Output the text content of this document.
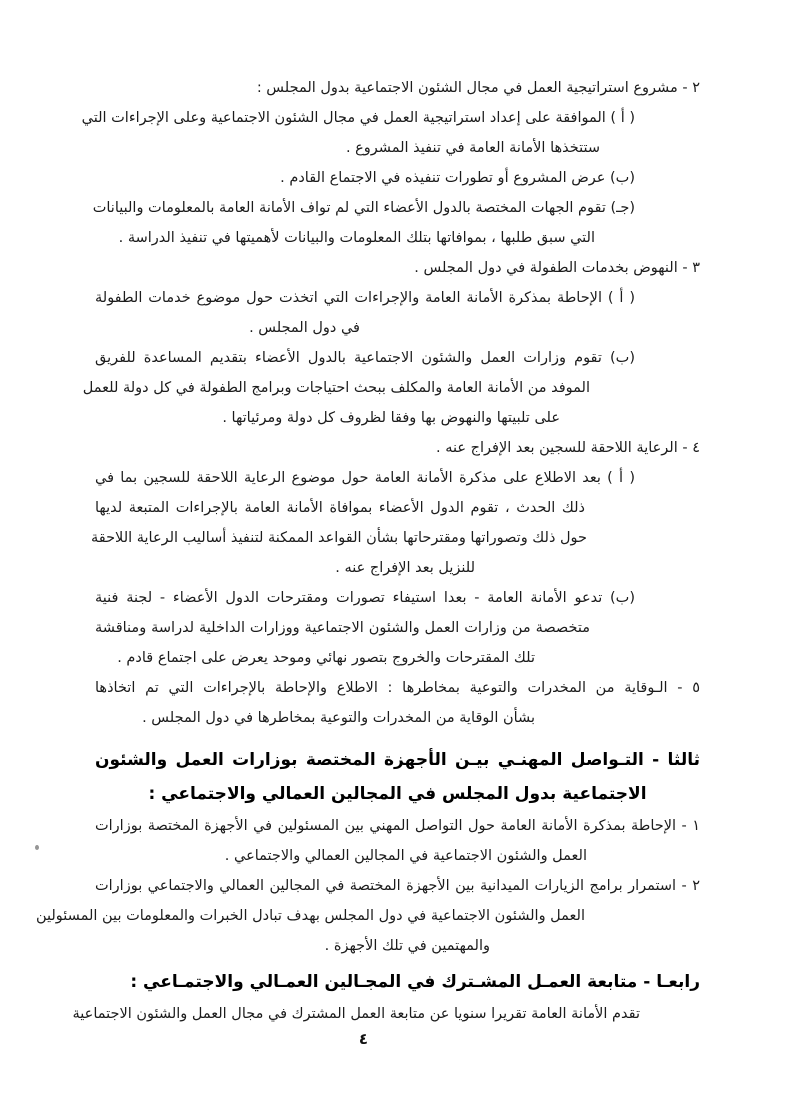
٢ - مشروع استراتيجية العمل في مجال الشئون الاجتماعية بدول المجلس :
( أ ) الموافقة على إعداد استراتيجية العمل في مجال الشئون الاجتماعية وعلى الإجراءات التي
ستتخذها الأمانة العامة في تنفيذ المشروع .
(ب) عرض المشروع أو تطورات تنفيذه في الاجتماع القادم .
(جـ) تقوم الجهات المختصة بالدول الأعضاء التي لم تواف الأمانة العامة بالمعلومات والبيانات
التي سبق طلبها ، بموافاتها بتلك المعلومات والبيانات لأهميتها في تنفيذ الدراسة .
٣ - النهوض بخدمات الطفولة في دول المجلس .
( أ ) الإحاطة بمذكرة الأمانة العامة والإجراءات التي اتخذت حول موضوع خدمات الطفولة
في دول المجلس .
(ب) تقوم وزارات العمل والشئون الاجتماعية بالدول الأعضاء بتقديم المساعدة للفريق
الموفد من الأمانة العامة والمكلف ببحث احتياجات وبرامج الطفولة في كل دولة للعمل
على تلبيتها والنهوض بها وفقا لظروف كل دولة ومرئياتها .
٤ - الرعاية اللاحقة للسجين بعد الإفراج عنه .
( أ ) بعد الاطلاع على مذكرة الأمانة العامة حول موضوع الرعاية اللاحقة للسجين بما في
ذلك الحدث ، تقوم الدول الأعضاء بموافاة الأمانة العامة بالإجراءات المتبعة لديها
حول ذلك وتصوراتها ومقترحاتها بشأن القواعد الممكنة لتنفيذ أساليب الرعاية اللاحقة
للنزيل بعد الإفراج عنه .
(ب) تدعو الأمانة العامة - بعدا استيفاء تصورات ومقترحات الدول الأعضاء - لجنة فنية
متخصصة من وزارات العمل والشئون الاجتماعية ووزارات الداخلية لدراسة ومناقشة
تلك المقترحات والخروج بتصور نهائي وموحد يعرض على اجتماع قادم .
٥ - الـوقاية من المخدرات والتوعية بمخاطرها : الاطلاع والإحاطة بالإجراءات التي تم اتخاذها
بشأن الوقاية من المخدرات والتوعية بمخاطرها في دول المجلس .
ثالثا - التـواصل المهنـي بيـن الأجهزة المختصة بوزارات العمل والشئون
الاجتماعية بدول المجلس في المجالين العمالي والاجتماعي :
١ - الإحاطة بمذكرة الأمانة العامة حول التواصل المهني بين المسئولين في الأجهزة المختصة بوزارات
العمل والشئون الاجتماعية في المجالين العمالي والاجتماعي .
٢ - استمرار برامج الزيارات الميدانية بين الأجهزة المختصة في المجالين العمالي والاجتماعي بوزارات
العمل والشئون الاجتماعية في دول المجلس بهدف تبادل الخبرات والمعلومات بين المسئولين
والمهتمين في تلك الأجهزة .
رابعـا - متابعة العمـل المشـترك في المجـالين العمـالي والاجتمـاعي :
تقدم الأمانة العامة تقريرا سنويا عن متابعة العمل المشترك في مجال العمل والشئون الاجتماعية
٤
